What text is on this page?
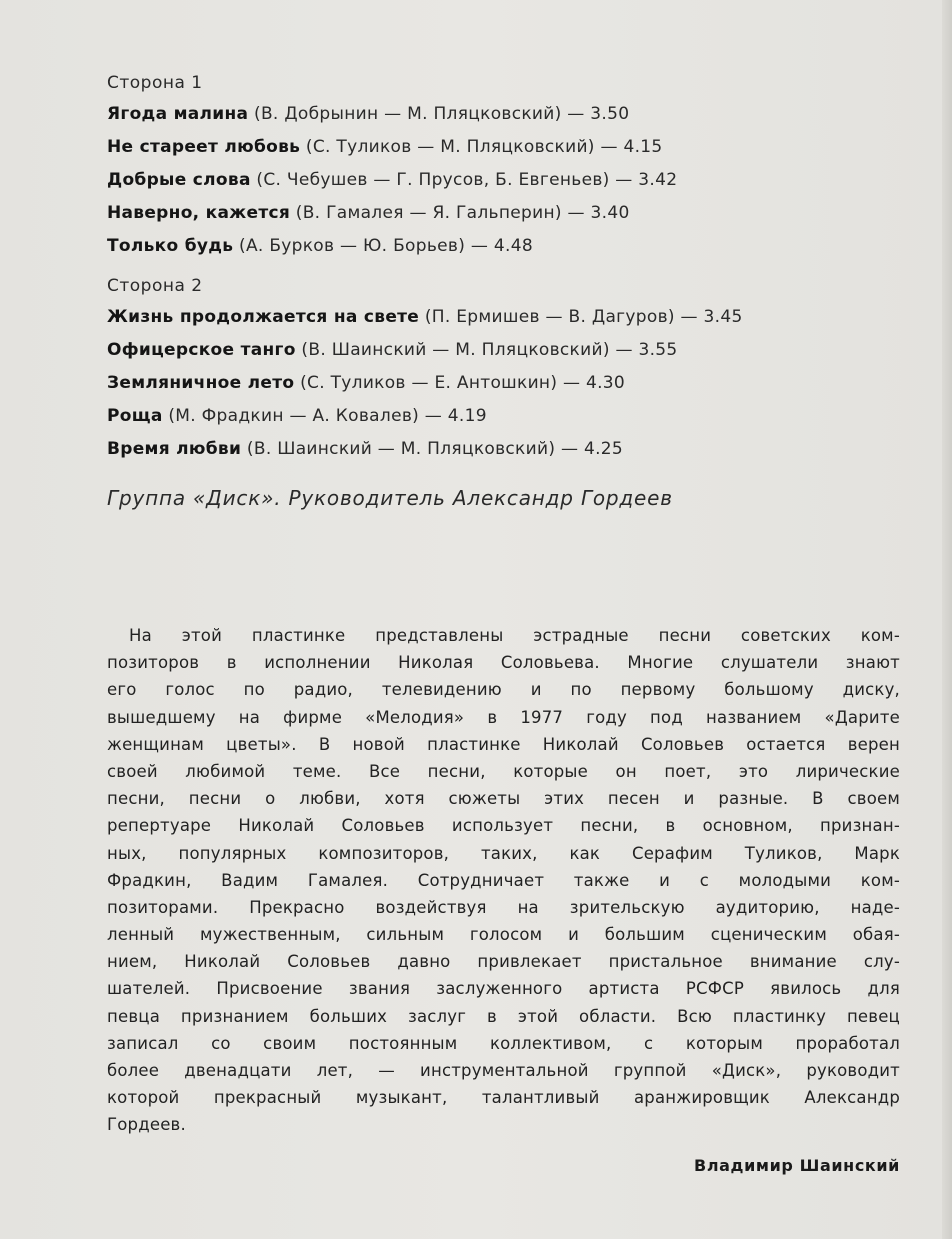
Сторона 1
Ягода малина (В. Добрынин — М. Пляцковский) — 3.50
Не стареет любовь (С. Туликов — М. Пляцковский) — 4.15
Добрые слова (С. Чебушев — Г. Прусов, Б. Евгеньев) — 3.42
Наверно, кажется (В. Гамалея — Я. Гальперин) — 3.40
Только будь (А. Бурков — Ю. Борьев) — 4.48
Сторона 2
Жизнь продолжается на свете (П. Ермишев — В. Дагуров) — 3.45
Офицерское танго (В. Шаинский — М. Пляцковский) — 3.55
Земляничное лето (С. Туликов — Е. Антошкин) — 4.30
Роща (М. Фрадкин — А. Ковалев) — 4.19
Время любви (В. Шаинский — М. Пляцковский) — 4.25
Группа «Диск». Руководитель Александр Гордеев
На этой пластинке представлены эстрадные песни советских ком-
позиторов в исполнении Николая Соловьева. Многие слушатели знают
его голос по радио, телевидению и по первому большому диску,
вышедшему на фирме «Мелодия» в 1977 году под названием «Дарите
женщинам цветы». В новой пластинке Николай Соловьев остается верен
своей любимой теме. Все песни, которые он поет, это лирические
песни, песни о любви, хотя сюжеты этих песен и разные. В своем
репертуаре Николай Соловьев использует песни, в основном, признан-
ных, популярных композиторов, таких, как Серафим Туликов, Марк
Фрадкин, Вадим Гамалея. Сотрудничает также и с молодыми ком-
позиторами. Прекрасно воздействуя на зрительскую аудиторию, наде-
ленный мужественным, сильным голосом и большим сценическим обая-
нием, Николай Соловьев давно привлекает пристальное внимание слу-
шателей. Присвоение звания заслуженного артиста РСФСР явилось для
певца признанием больших заслуг в этой области. Всю пластинку певец
записал со своим постоянным коллективом, с которым проработал
более двенадцати лет, — инструментальной группой «Диск», руководит
которой прекрасный музыкант, талантливый аранжировщик Александр
Гордеев.
Владимир Шаинский
